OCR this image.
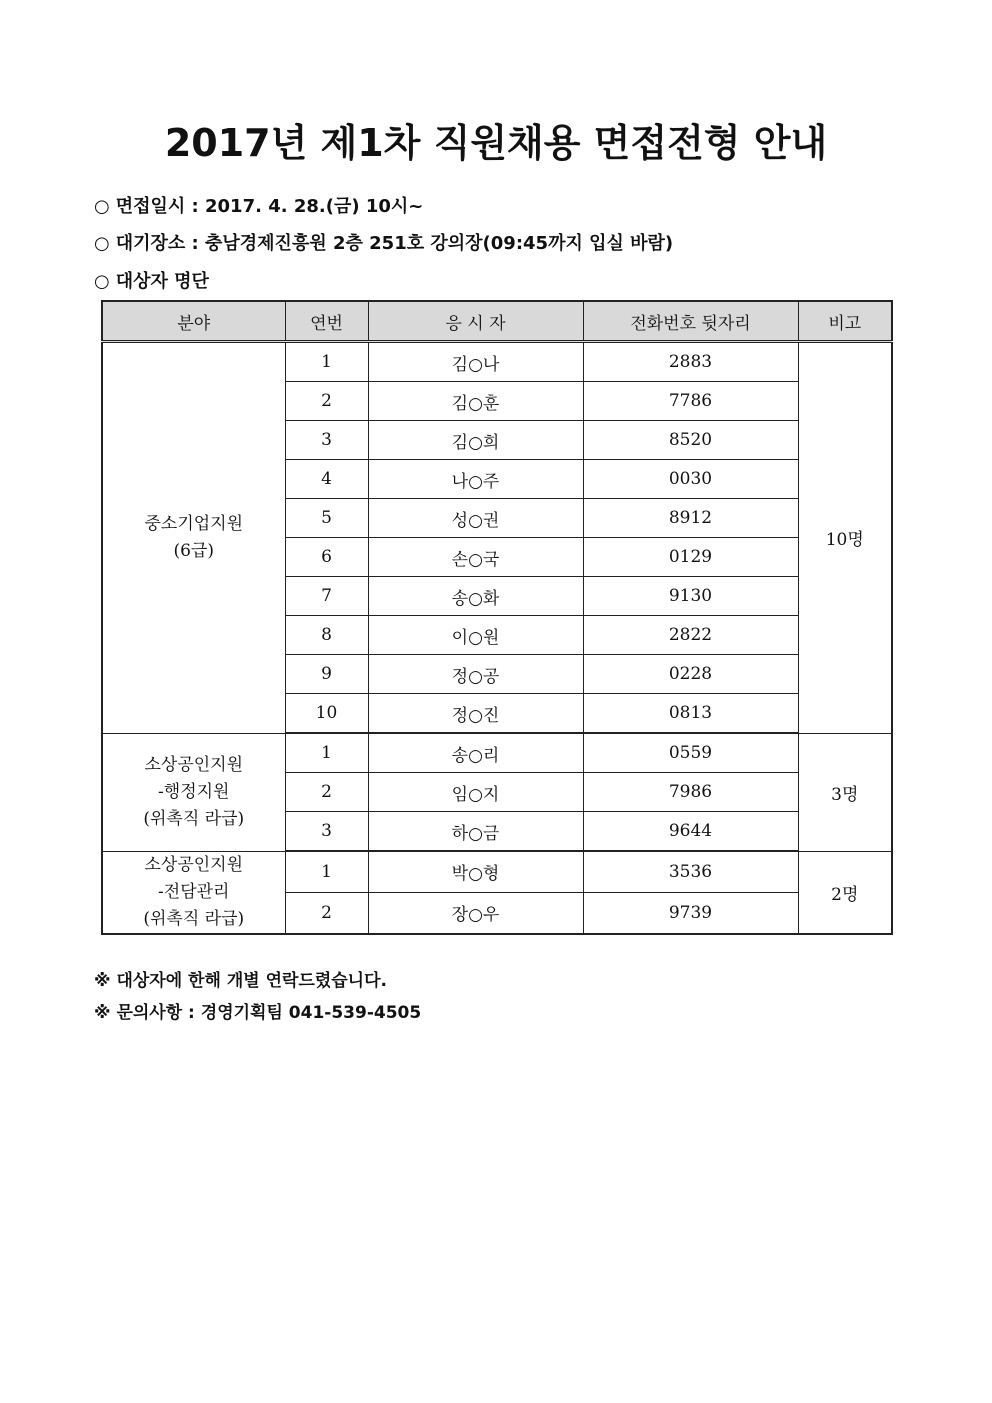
2017년 제1차 직원채용 면접전형 안내
○ 면접일시 : 2017. 4. 28.(금) 10시~
○ 대기장소 : 충남경제진흥원 2층 251호 강의장(09:45까지 입실 바람)
○ 대상자 명단
분야	연번	응 시 자	전화번호 뒷자리	비고
중소기업지원
(6급)	1	김○나	2883	10명
	2	김○훈	7786	
	3	김○희	8520	
	4	나○주	0030	
	5	성○권	8912	
	6	손○국	0129	
	7	송○화	9130	
	8	이○원	2822	
	9	정○공	0228	
	10	정○진	0813	
소상공인지원
-행정지원
(위촉직 라급)	1	송○리	0559	3명
	2	임○지	7986	
	3	하○금	9644	
소상공인지원
-전담관리
(위촉직 라급)	1	박○형	3536	2명
	2	장○우	9739	
※ 대상자에 한해 개별 연락드렸습니다.
※ 문의사항 : 경영기획팀 041-539-4505
